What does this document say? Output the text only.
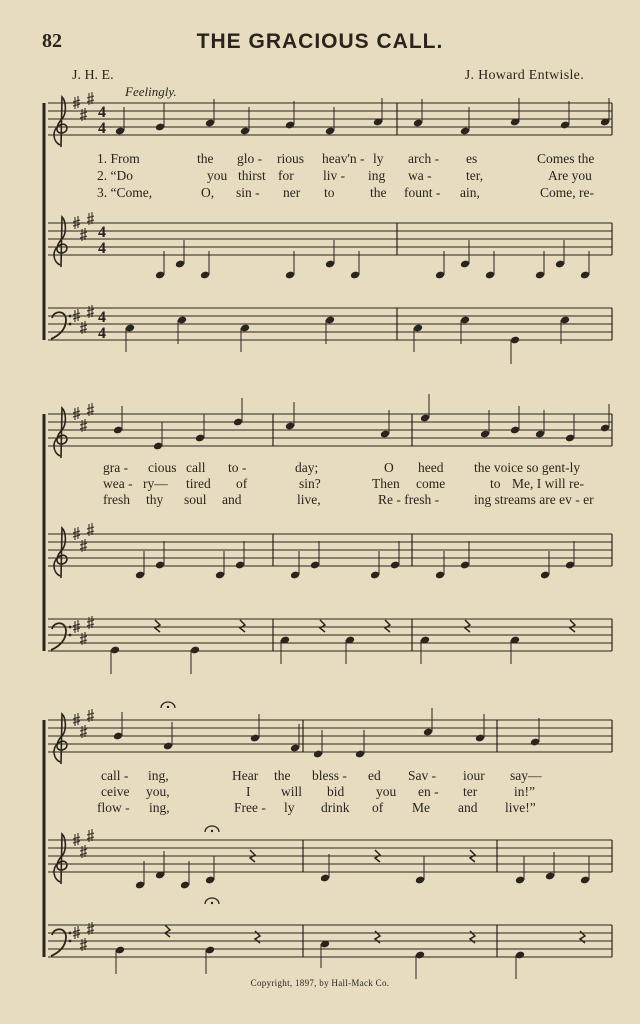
82	THE GRACIOUS CALL.
J. H. E.	J. Howard Entwisle.
Feelingly.
4
4
4
4
4
4
1. From	the glo - rious heav'n - ly arch - es	Comes the
2. “Do	you thirst for liv - ing wa -	ter,	Are you
3. “Come,	O, sin - ner to	the fount - ain,	Come, re-
gra - cious call to -	day;	O heed the voice so gent-ly
wea - ry— tired of	sin?	Then come	to Me, I will re-
fresh thy soul and	live,	Re - fresh -	ing streams are ev - er
call - ing,	Hear the bless - ed Sav - iour say—
ceive you,	I will bid you en - ter	in!”
flow - ing,	Free - ly drink of Me and live!”
Copyright, 1897, by Hall-Mack Co.
